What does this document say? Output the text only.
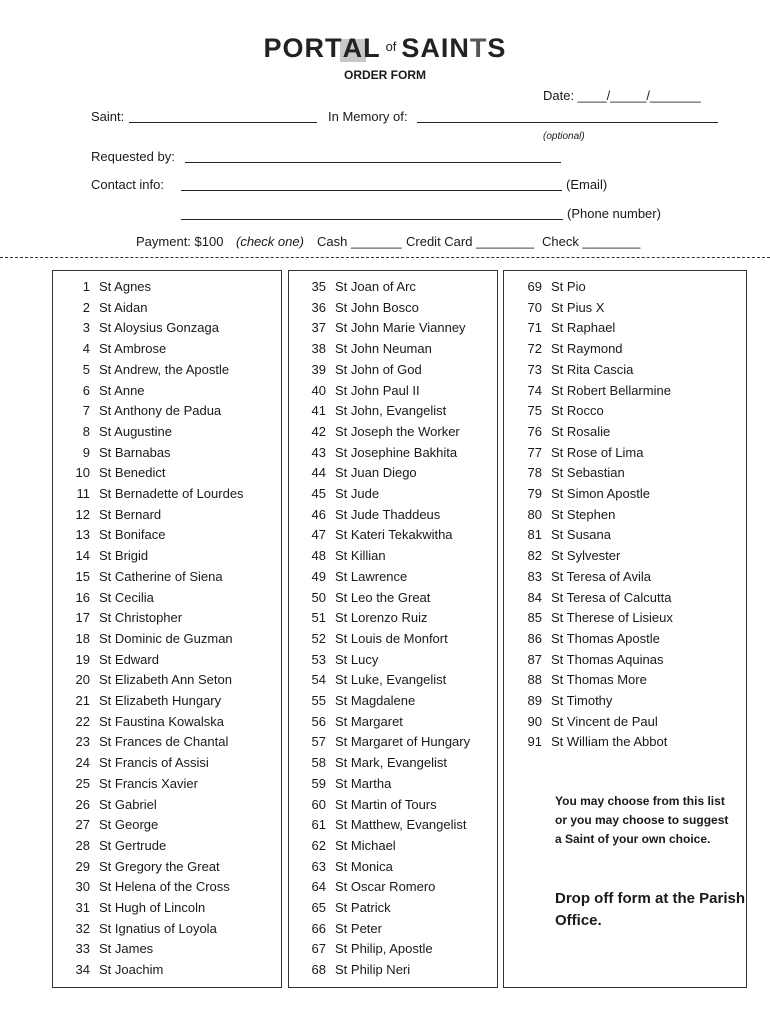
PORTAL $^{of}$ SAINTS
ORDER FORM
Date: ____/_____/_______
Saint:	In Memory of:
(optional)
Requested by:
Contact info:	(Email)
(Phone number)
Payment: $100 (check one) Cash _______ Credit Card ________ Check ________
1 St Agnes
2 St Aidan
3 St Aloysius Gonzaga
4 St Ambrose
5 St Andrew, the Apostle
6 St Anne
7 St Anthony de Padua
8 St Augustine
9 St Barnabas
10 St Benedict
11 St Bernadette of Lourdes
12 St Bernard
13 St Boniface
14 St Brigid
15 St Catherine of Siena
16 St Cecilia
17 St Christopher
18 St Dominic de Guzman
19 St Edward
20 St Elizabeth Ann Seton
21 St Elizabeth Hungary
22 St Faustina Kowalska
23 St Frances de Chantal
24 St Francis of Assisi
25 St Francis Xavier
26 St Gabriel
27 St George
28 St Gertrude
29 St Gregory the Great
30 St Helena of the Cross
31 St Hugh of Lincoln
32 St Ignatius of Loyola
33 St James
34 St Joachim
35 St Joan of Arc
36 St John Bosco
37 St John Marie Vianney
38 St John Neuman
39 St John of God
40 St John Paul II
41 St John, Evangelist
42 St Joseph the Worker
43 St Josephine Bakhita
44 St Juan Diego
45 St Jude
46 St Jude Thaddeus
47 St Kateri Tekakwitha
48 St Killian
49 St Lawrence
50 St Leo the Great
51 St Lorenzo Ruiz
52 St Louis de Monfort
53 St Lucy
54 St Luke, Evangelist
55 St Magdalene
56 St Margaret
57 St Margaret of Hungary
58 St Mark, Evangelist
59 St Martha
60 St Martin of Tours
61 St Matthew, Evangelist
62 St Michael
63 St Monica
64 St Oscar Romero
65 St Patrick
66 St Peter
67 St Philip, Apostle
68 St Philip Neri
69 St Pio
70 St Pius X
71 St Raphael
72 St Raymond
73 St Rita Cascia
74 St Robert Bellarmine
75 St Rocco
76 St Rosalie
77 St Rose of Lima
78 St Sebastian
79 St Simon Apostle
80 St Stephen
81 St Susana
82 St Sylvester
83 St Teresa of Avila
84 St Teresa of Calcutta
85 St Therese of Lisieux
86 St Thomas Apostle
87 St Thomas Aquinas
88 St Thomas More
89 St Timothy
90 St Vincent de Paul
91 St William the Abbot
You may choose from this list or you may choose to suggest a Saint of your own choice.
Drop off form at the Parish Office.
